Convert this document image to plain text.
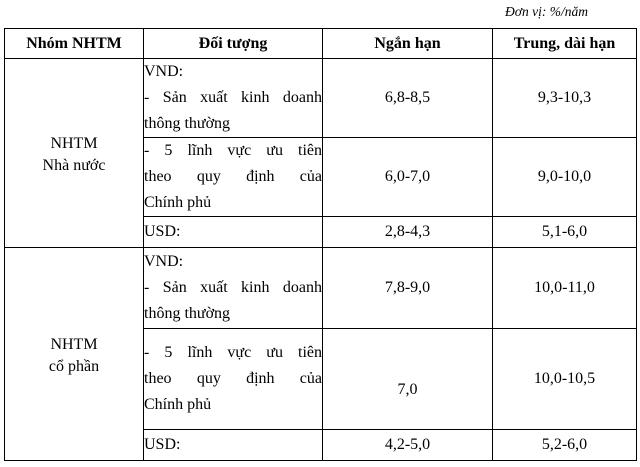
Đơn vị: %/năm
Nhóm NHTM	Đối tượng	Ngắn hạn	Trung, dài hạn

NHTM
Nhà nước	VND:
- Sản xuất kinh doanh
thông thường	6,8-8,5	9,3-10,3

	- 5 lĩnh vực ưu tiên
theo quy định của
Chính phủ	6,0-7,0	9,0-10,0

	USD:	2,8-4,3	5,1-6,0

NHTM
cổ phần	VND:
- Sản xuất kinh doanh
thông thường	7,8-9,0	10,0-11,0

	- 5 lĩnh vực ưu tiên
theo quy định của
Chính phủ	7,0	10,0-10,5

	USD:	4,2-5,0	5,2-6,0
